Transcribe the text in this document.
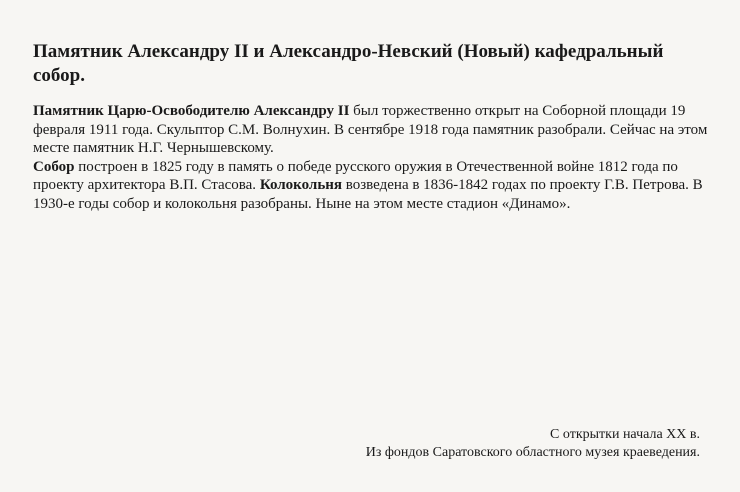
Памятник Александру II и Александро-Невский (Новый) кафедральный собор.

Памятник Царю-Освободителю Александру II был торжественно открыт на Соборной площади 19 февраля 1911 года. Скульптор С.М. Волнухин. В сентябре 1918 года памятник разобрали. Сейчас на этом месте памятник Н.Г. Чернышевскому.

Собор построен в 1825 году в память о победе русского оружия в Отечественной войне 1812 года по проекту архитектора В.П. Стасова. Колокольня возведена в 1836-1842 годах по проекту Г.В. Петрова. В 1930-е годы собор и колокольня разобраны. Ныне на этом месте стадион «Динамо».

С открытки начала XX в.
Из фондов Саратовского областного музея краеведения.
